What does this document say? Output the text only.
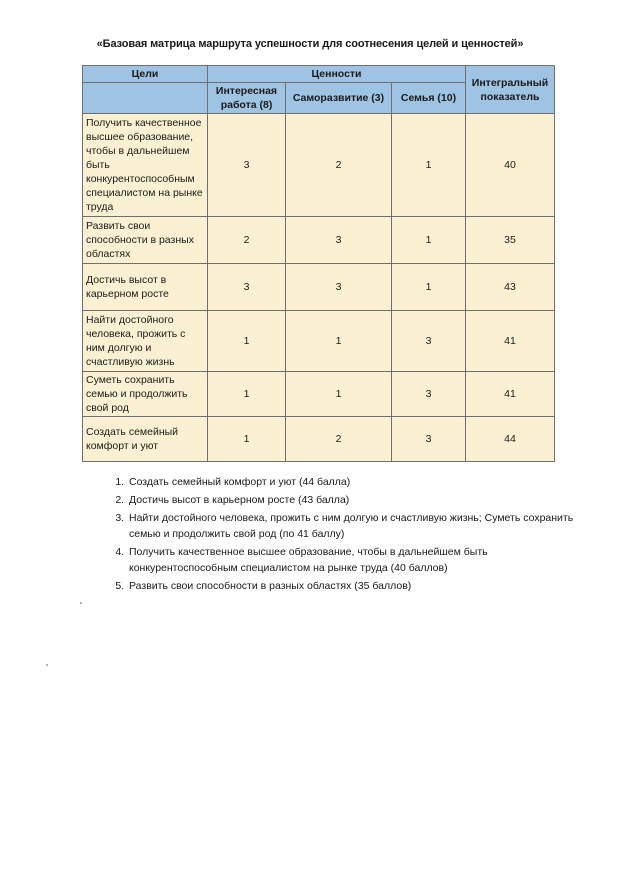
«Базовая матрица маршрута успешности для соотнесения целей и ценностей»
Цели	Ценности			Интегральный показатель
	Интересная работа (8)	Саморазвитие (3)	Семья (10)	
Получить качественное высшее образование, чтобы в дальнейшем быть конкурентоспособным специалистом на рынке труда	3	2	1	40
Развить свои способности в разных областях	2	3	1	35
Достичь высот в карьерном росте	3	3	1	43
Найти достойного человека, прожить с ним долгую и счастливую жизнь	1	1	3	41
Суметь сохранить семью и продолжить свой род	1	1	3	41
Создать семейный комфорт и уют	1	2	3	44
1. Создать семейный комфорт и уют (44 балла)
2. Достичь высот в карьерном росте (43 балла)
3. Найти достойного человека, прожить с ним долгую и счастливую жизнь; Суметь сохранить семью и продолжить свой род (по 41 баллу)
4. Получить качественное высшее образование, чтобы в дальнейшем быть конкурентоспособным специалистом на рынке труда (40 баллов)
5. Развить свои способности в разных областях (35 баллов)
